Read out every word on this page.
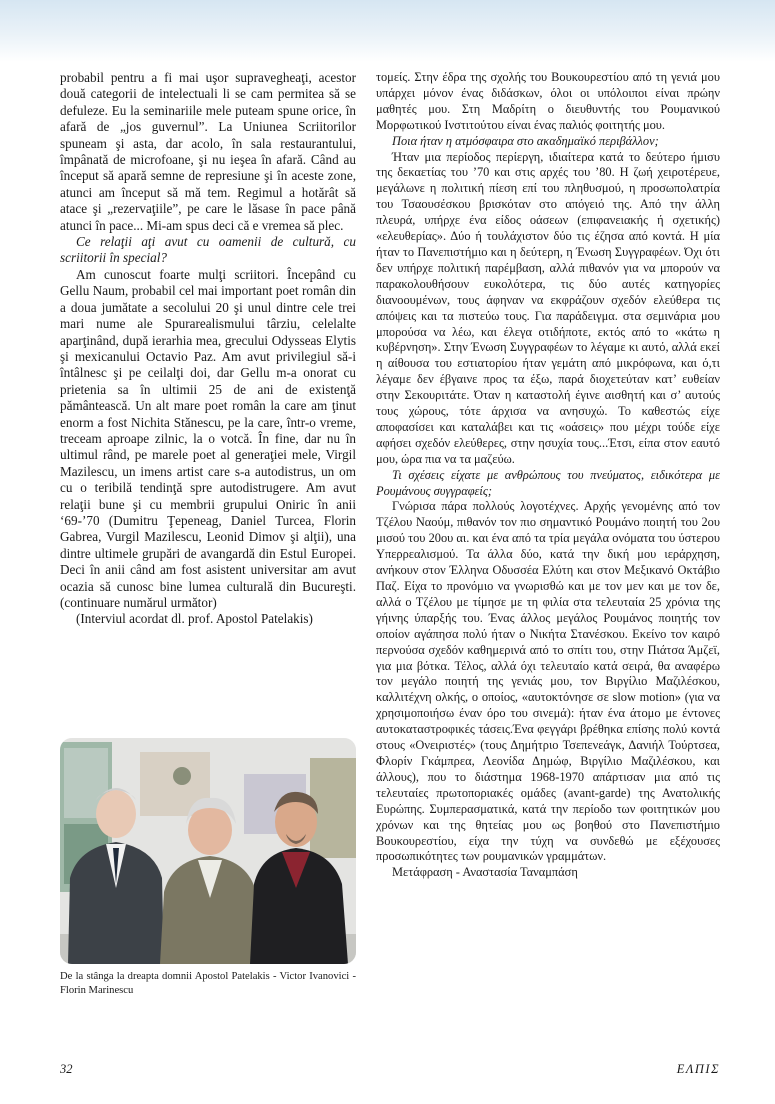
probabil pentru a fi mai uşor supravegheaţi, acestor două categorii de intelectuali li se cam permitea să se defuleze. Eu la seminariile mele puteam spune orice, în afară de „jos guvernul”. La Uniunea Scriitorilor spuneam şi asta, dar acolo, în sala restaurantului, împânată de microfoane, şi nu ieşea în afară. Când au început să apară semne de represiune şi în aceste zone, atunci am început să mă tem. Regimul a hotărât să atace şi „rezervaţiile”, pe care le lăsase în pace până atunci în pace... Mi-am spus deci că e vremea să plec.

Ce relaţii aţi avut cu oamenii de cultură, cu scriitorii în special?

Am cunoscut foarte mulţi scriitori. Începând cu Gellu Naum, probabil cel mai important poet român din a doua jumătate a secolului 20 şi unul dintre cele trei mari nume ale Spurarealismului târziu, celelalte aparţinând, după ierarhia mea, grecului Odysseas Elytis şi mexicanului Octavio Paz. Am avut privilegiul să-i întâlnesc şi pe ceilalţi doi, dar Gellu m-a onorat cu prietenia sa în ultimii 25 de ani de existenţă pământească. Un alt mare poet român la care am ţinut enorm a fost Nichita Stănescu, pe la care, într-o vreme, treceam aproape zilnic, la o votcă. În fine, dar nu în ultimul rând, pe marele poet al generaţiei mele, Virgil Mazilescu, un imens artist care s-a autodistrus, un om cu o teribilă tendinţă spre autodistrugere. Am avut relaţii bune şi cu membrii grupului Oniric în anii ‘69-’70 (Dumitru Ţepeneag, Daniel Turcea, Florin Gabrea, Vurgil Mazilescu, Leonid Dimov şi alţii), una dintre ultimele grupări de avangardă din Estul Europei. Deci în anii când am fost asistent universitar am avut ocazia să cunosc bine lumea culturală din Bucureşti.(continuare numărul următor)

(Interviul acordat dl. prof. Apostol Patelakis)

De la stânga la dreapta domnii Apostol Patelakis - Victor Ivanovici - Florin Marinescu

τομείς. Στην έδρα της σχολής του Βουκουρεστίου από τη γενιά μου υπάρχει μόνον ένας διδάσκων, όλοι οι υπόλοιποι είναι πρώην μαθητές μου. Στη Μαδρίτη ο διευθυντής του Ρουμανικού Μορφωτικού Ινστιτούτου είναι ένας παλιός φοιτητής μου.

Ποια ήταν η ατμόσφαιρα στο ακαδημαϊκό περιβάλλον;

Ήταν μια περίοδος περίεργη, ιδιαίτερα κατά το δεύτερο ήμισυ της δεκαετίας του ’70 και στις αρχές του ’80. Η ζωή χειροτέρευε, μεγάλωνε η πολιτική πίεση επί του πληθυσμού, η προσωπολατρία του Τσαουσέσκου βρισκόταν στο απόγειό της. Από την άλλη πλευρά, υπήρχε ένα είδος οάσεων (επιφανειακής ή σχετικής) «ελευθερίας». Δύο ή τουλάχιστον δύο τις έζησα από κοντά. Η μία ήταν το Πανεπιστήμιο και η δεύτερη, η Ένωση Συγγραφέων. Όχι ότι δεν υπήρχε πολιτική παρέμβαση, αλλά πιθανόν για να μπορούν να παρακολουθήσουν ευκολότερα, τις δύο αυτές κατηγορίες διανοουμένων, τους άφηναν να εκφράζουν σχεδόν ελεύθερα τις απόψεις και τα πιστεύω τους. Για παράδειγμα. στα σεμινάρια μου μπορούσα να λέω, και έλεγα οτιδήποτε, εκτός από το «κάτω η κυβέρνηση». Στην Ένωση Συγγραφέων το λέγαμε κι αυτό, αλλά εκεί η αίθουσα του εστιατορίου ήταν γεμάτη από μικρόφωνα, και ό,τι λέγαμε δεν έβγαινε προς τα έξω, παρά διοχετεύταν κατ’ ευθείαν στην Σεκουριτάτε. Όταν η καταστολή έγινε αισθητή και σ’ αυτούς τους χώρους, τότε άρχισα να ανησυχώ. Το καθεστώς είχε αποφασίσει και καταλάβει και τις «οάσεις» που μέχρι τούδε είχε αφήσει σχεδόν ελεύθερες, στην ησυχία τους...Έτσι, είπα στον εαυτό μου, ώρα πια να τα μαζεύω.

Τι σχέσεις είχατε με ανθρώπους του πνεύματος, ειδικότερα με Ρουμάνους συγγραφείς;

Γνώρισα πάρα πολλούς λογοτέχνες. Αρχής γενομένης από τον Τζέλου Ναούμ, πιθανόν τον πιο σημαντικό Ρουμάνο ποιητή του 2ου μισού του 20ου αι. και ένα από τα τρία μεγάλα ονόματα του ύστερου Υπερρεαλισμού. Τα άλλα δύο, κατά την δική μου ιεράρχηση, ανήκουν στον Έλληνα Οδυσσέα Ελύτη και στον Μεξικανό Οκτάβιο Παζ. Είχα το προνόμιο να γνωρισθώ και με τον μεν και με τον δε, αλλά ο Τζέλου με τίμησε με τη φιλία στα τελευταία 25 χρόνια της γήινης ύπαρξής του. Ένας άλλος μεγάλος Ρουμάνος ποιητής τον οποίον αγάπησα πολύ ήταν ο Νικήτα Στανέσκου. Εκείνο τον καιρό περνούσα σχεδόν καθημερινά από το σπίτι του, στην Πιάτσα Άμζεϊ, για μια βότκα. Τέλος, αλλά όχι τελευταίο κατά σειρά, θα αναφέρω τον μεγάλο ποιητή της γενιάς μου, τον Βιργίλιο Μαζιλέσκου, καλλιτέχνη ολκής, ο οποίος, «αυτοκτόνησε σε slow motion» (για να χρησιμοποιήσω έναν όρο του σινεμά): ήταν ένα άτομο με έντονες αυτοκαταστροφικές τάσεις.Ένα φεγγάρι βρέθηκα επίσης πολύ κοντά στους «Ονειριστές» (τους Δημήτριο Τσεπενεάγκ, Δανιήλ Τούρτσεα, Φλορίν Γκάμπρεα, Λεονίδα Δημώφ, Βιργίλιο Μαζιλέσκου, και άλλους), που το διάστημα 1968-1970 απάρτισαν μια από τις τελευταίες πρωτοποριακές ομάδες (avant-garde) της Ανατολικής Ευρώπης. Συμπερασματικά, κατά την περίοδο των φοιτητικών μου χρόνων και της θητείας μου ως βοηθού στο Πανεπιστήμιο Βουκουρεστίου, είχα την τύχη να συνδεθώ με εξέχουσες προσωπικότητες των ρουμανικών γραμμάτων.

Μετάφραση - Αναστασία Ταναμπάση

32	ΕΛΠΙΣ
